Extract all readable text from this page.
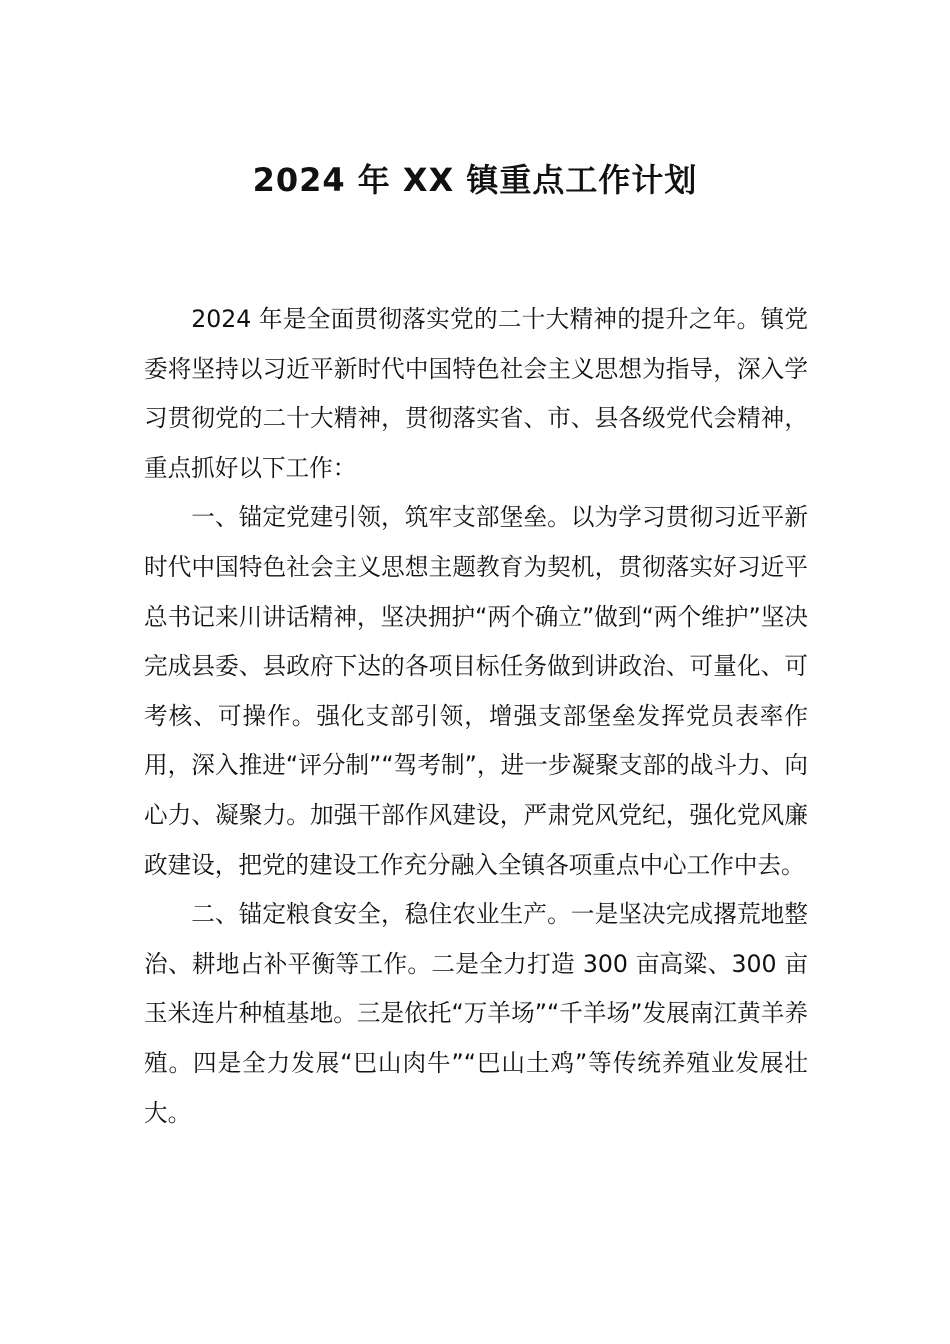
2024 年 XX 镇重点工作计划

2024 年是全面贯彻落实党的二十大精神的提升之年。镇党委将坚持以习近平新时代中国特色社会主义思想为指导，深入学习贯彻党的二十大精神，贯彻落实省、市、县各级党代会精神，重点抓好以下工作：

一、锚定党建引领，筑牢支部堡垒。以为学习贯彻习近平新时代中国特色社会主义思想主题教育为契机，贯彻落实好习近平总书记来川讲话精神，坚决拥护“两个确立”做到“两个维护”坚决完成县委、县政府下达的各项目标任务做到讲政治、可量化、可考核、可操作。强化支部引领，增强支部堡垒发挥党员表率作用，深入推进“评分制”“驾考制”，进一步凝聚支部的战斗力、向心力、凝聚力。加强干部作风建设，严肃党风党纪，强化党风廉政建设，把党的建设工作充分融入全镇各项重点中心工作中去。

二、锚定粮食安全，稳住农业生产。一是坚决完成撂荒地整治、耕地占补平衡等工作。二是全力打造 300 亩高粱、300 亩玉米连片种植基地。三是依托“万羊场”“千羊场”发展南江黄羊养殖。四是全力发展“巴山肉牛”“巴山土鸡”等传统养殖业发展壮大。
